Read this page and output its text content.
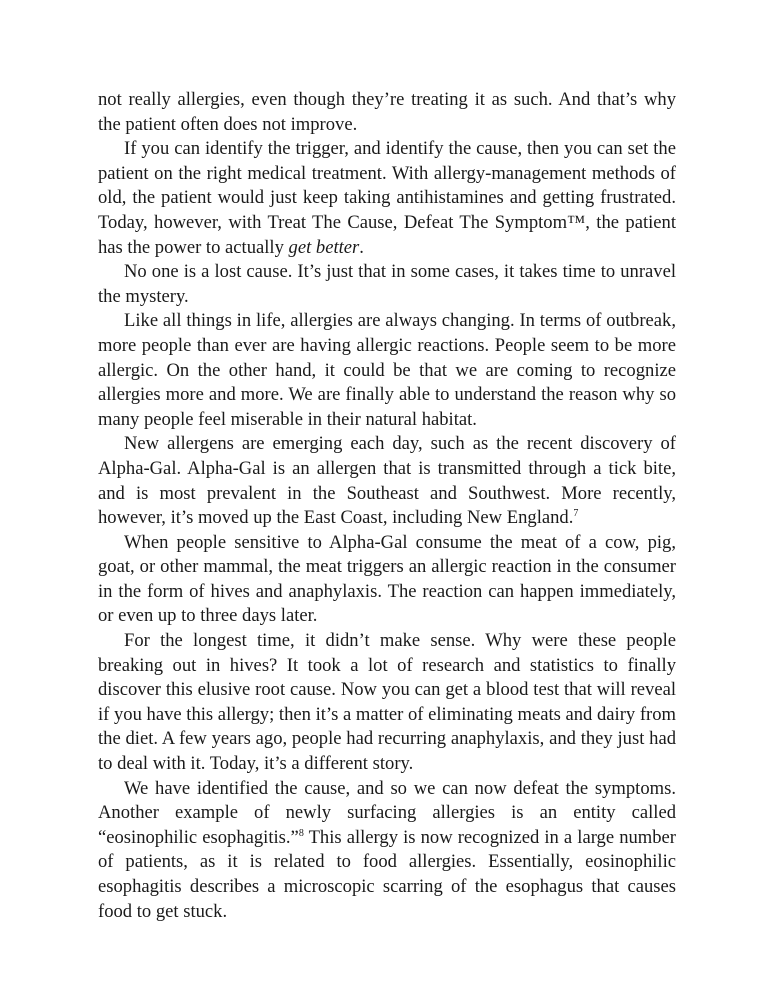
not really allergies, even though they’re treating it as such. And that’s why the patient often does not improve.

If you can identify the trigger, and identify the cause, then you can set the patient on the right medical treatment. With allergy-management methods of old, the patient would just keep taking antihistamines and getting frustrated. Today, however, with Treat The Cause, Defeat The Symptom™, the patient has the power to actually get better.

No one is a lost cause. It’s just that in some cases, it takes time to unravel the mystery.

Like all things in life, allergies are always changing. In terms of outbreak, more people than ever are having allergic reactions. People seem to be more allergic. On the other hand, it could be that we are coming to recognize allergies more and more. We are finally able to understand the reason why so many people feel miserable in their natural habitat.

New allergens are emerging each day, such as the recent discovery of Alpha-Gal. Alpha-Gal is an allergen that is transmitted through a tick bite, and is most prevalent in the Southeast and Southwest. More recently, however, it’s moved up the East Coast, including New England.$^7$

When people sensitive to Alpha-Gal consume the meat of a cow, pig, goat, or other mammal, the meat triggers an allergic reaction in the consumer in the form of hives and anaphylaxis. The reaction can happen immediately, or even up to three days later.

For the longest time, it didn’t make sense. Why were these people breaking out in hives? It took a lot of research and statistics to finally discover this elusive root cause. Now you can get a blood test that will reveal if you have this allergy; then it’s a matter of eliminating meats and dairy from the diet. A few years ago, people had recurring anaphylaxis, and they just had to deal with it. Today, it’s a different story.

We have identified the cause, and so we can now defeat the symptoms. Another example of newly surfacing allergies is an entity called “eosinophilic esophagitis.”$^8$ This allergy is now recognized in a large number of patients, as it is related to food allergies. Essentially, eosinophilic esophagitis describes a microscopic scarring of the esophagus that causes food to get stuck.
